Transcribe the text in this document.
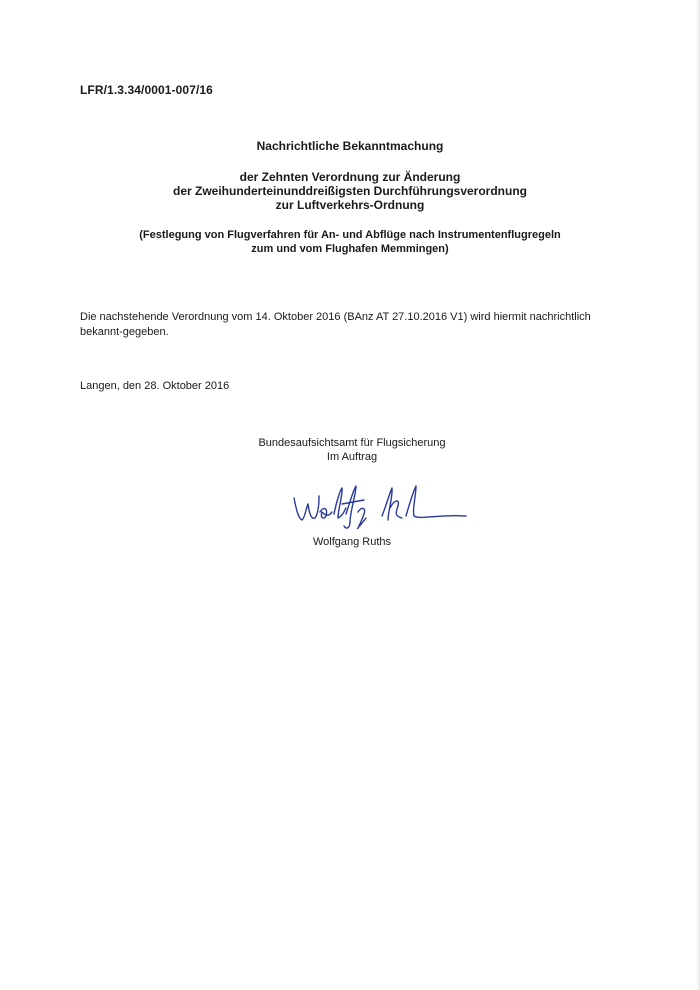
LFR/1.3.34/0001-007/16
Nachrichtliche Bekanntmachung
der Zehnten Verordnung zur Änderung
der Zweihunderteinunddreißigsten Durchführungsverordnung
zur Luftverkehrs-Ordnung
(Festlegung von Flugverfahren für An- und Abflüge nach Instrumentenflugregeln
zum und vom Flughafen Memmingen)
Die nachstehende Verordnung vom 14. Oktober 2016 (BAnz AT 27.10.2016 V1) wird hiermit nachrichtlich bekannt-gegeben.
Langen, den 28. Oktober 2016
Bundesaufsichtsamt für Flugsicherung
Im Auftrag
Wolfgang Ruths
